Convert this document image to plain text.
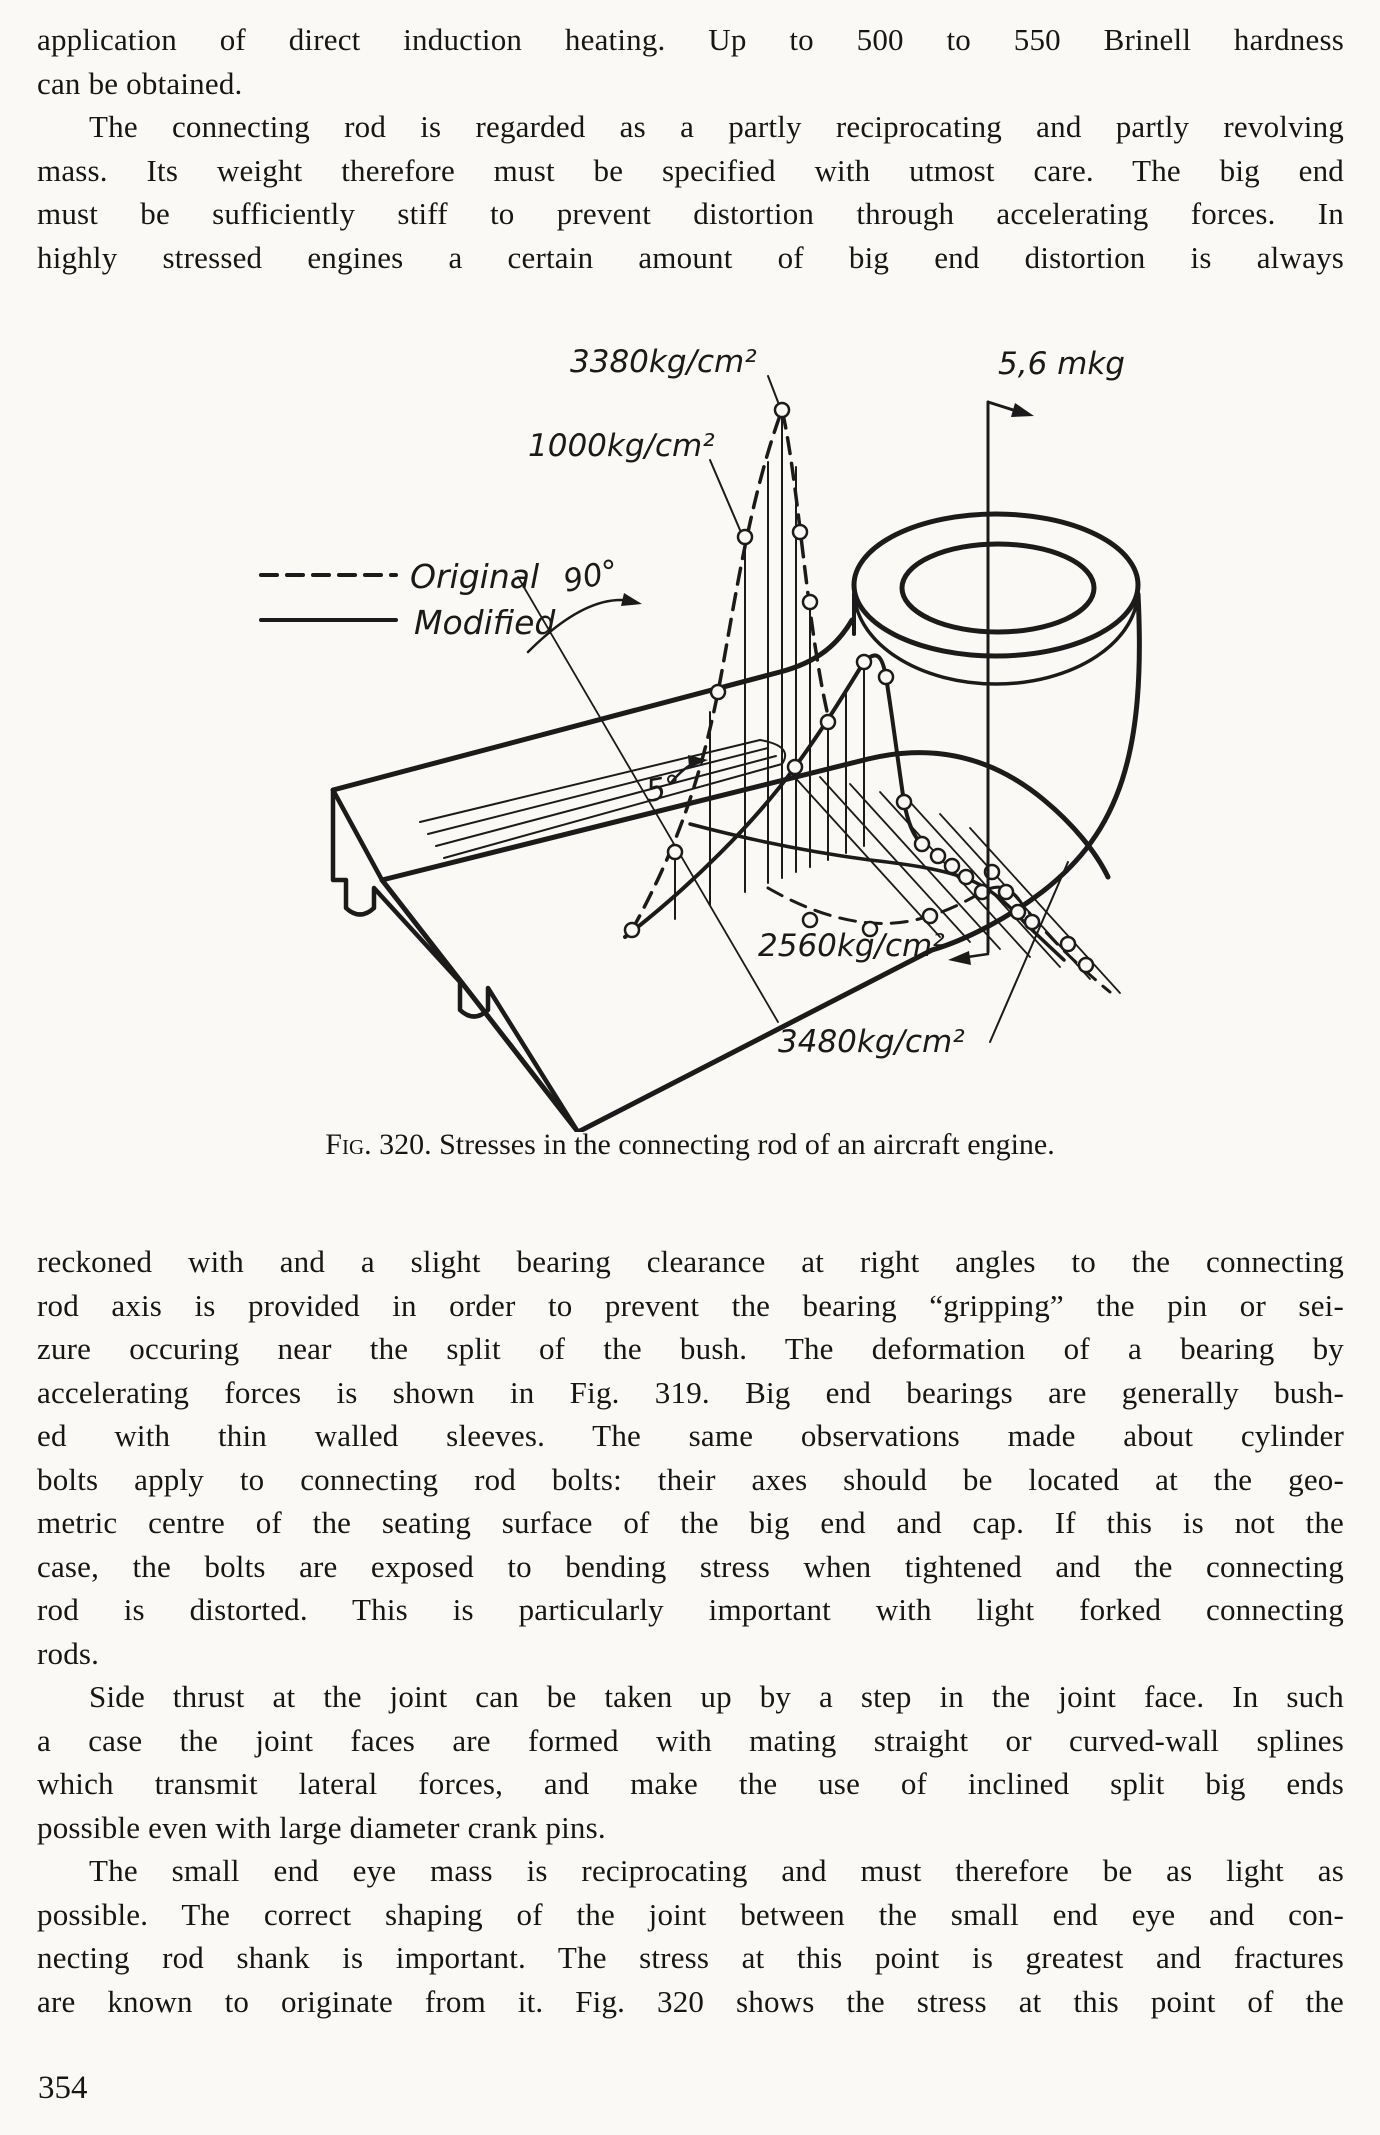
application of direct induction heating. Up to 500 to 550 Brinell hardness
can be obtained.
The connecting rod is regarded as a partly reciprocating and partly revolving
mass. Its weight therefore must be specified with utmost care. The big end
must be sufficiently stiff to prevent distortion through accelerating forces. In
highly stressed engines a certain amount of big end distortion is always
3380kg/cm²
1000kg/cm²
5,6 mkg
90°
5°
2560kg/cm²
3480kg/cm²
Original
Modified
Fig. 320. Stresses in the connecting rod of an aircraft engine.
reckoned with and a slight bearing clearance at right angles to the connecting
rod axis is provided in order to prevent the bearing “gripping” the pin or sei-
zure occuring near the split of the bush. The deformation of a bearing by
accelerating forces is shown in Fig. 319. Big end bearings are generally bush-
ed with thin walled sleeves. The same observations made about cylinder
bolts apply to connecting rod bolts: their axes should be located at the geo-
metric centre of the seating surface of the big end and cap. If this is not the
case, the bolts are exposed to bending stress when tightened and the connecting
rod is distorted. This is particularly important with light forked connecting
rods.
Side thrust at the joint can be taken up by a step in the joint face. In such
a case the joint faces are formed with mating straight or curved-wall splines
which transmit lateral forces, and make the use of inclined split big ends
possible even with large diameter crank pins.
The small end eye mass is reciprocating and must therefore be as light as
possible. The correct shaping of the joint between the small end eye and con-
necting rod shank is important. The stress at this point is greatest and fractures
are known to originate from it. Fig. 320 shows the stress at this point of the
354
